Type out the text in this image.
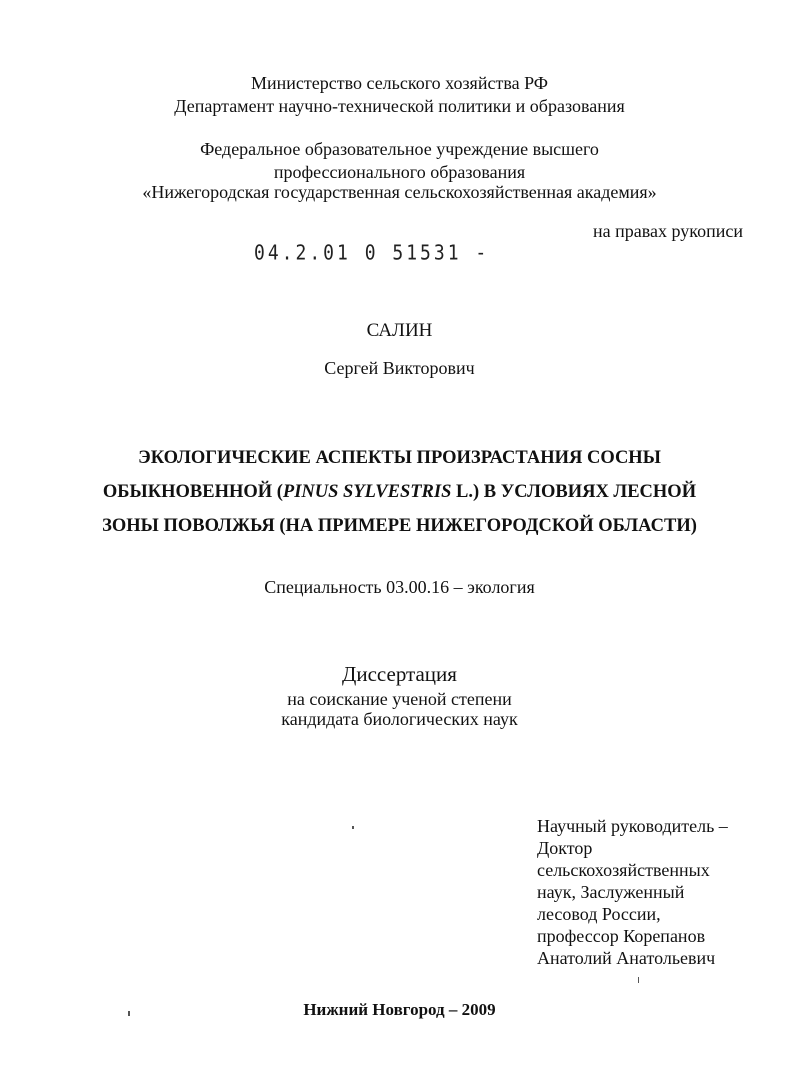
Министерство сельского хозяйства РФ
Департамент научно-технической политики и образования
Федеральное образовательное учреждение высшего
профессионального образования
«Нижегородская государственная сельскохозяйственная академия»
на правах рукописи
04.2.01 0 51531 -
САЛИН
Сергей Викторович
ЭКОЛОГИЧЕСКИЕ АСПЕКТЫ ПРОИЗРАСТАНИЯ СОСНЫ
ОБЫКНОВЕННОЙ (PINUS SYLVESTRIS L.) В УСЛОВИЯХ ЛЕСНОЙ
ЗОНЫ ПОВОЛЖЬЯ (НА ПРИМЕРЕ НИЖЕГОРОДСКОЙ ОБЛАСТИ)
Специальность 03.00.16 – экология
Диссертация
на соискание ученой степени
кандидата биологических наук
Научный руководитель –
Доктор
сельскохозяйственных
наук, Заслуженный
лесовод России,
профессор Корепанов
Анатолий Анатольевич
Нижний Новгород – 2009
